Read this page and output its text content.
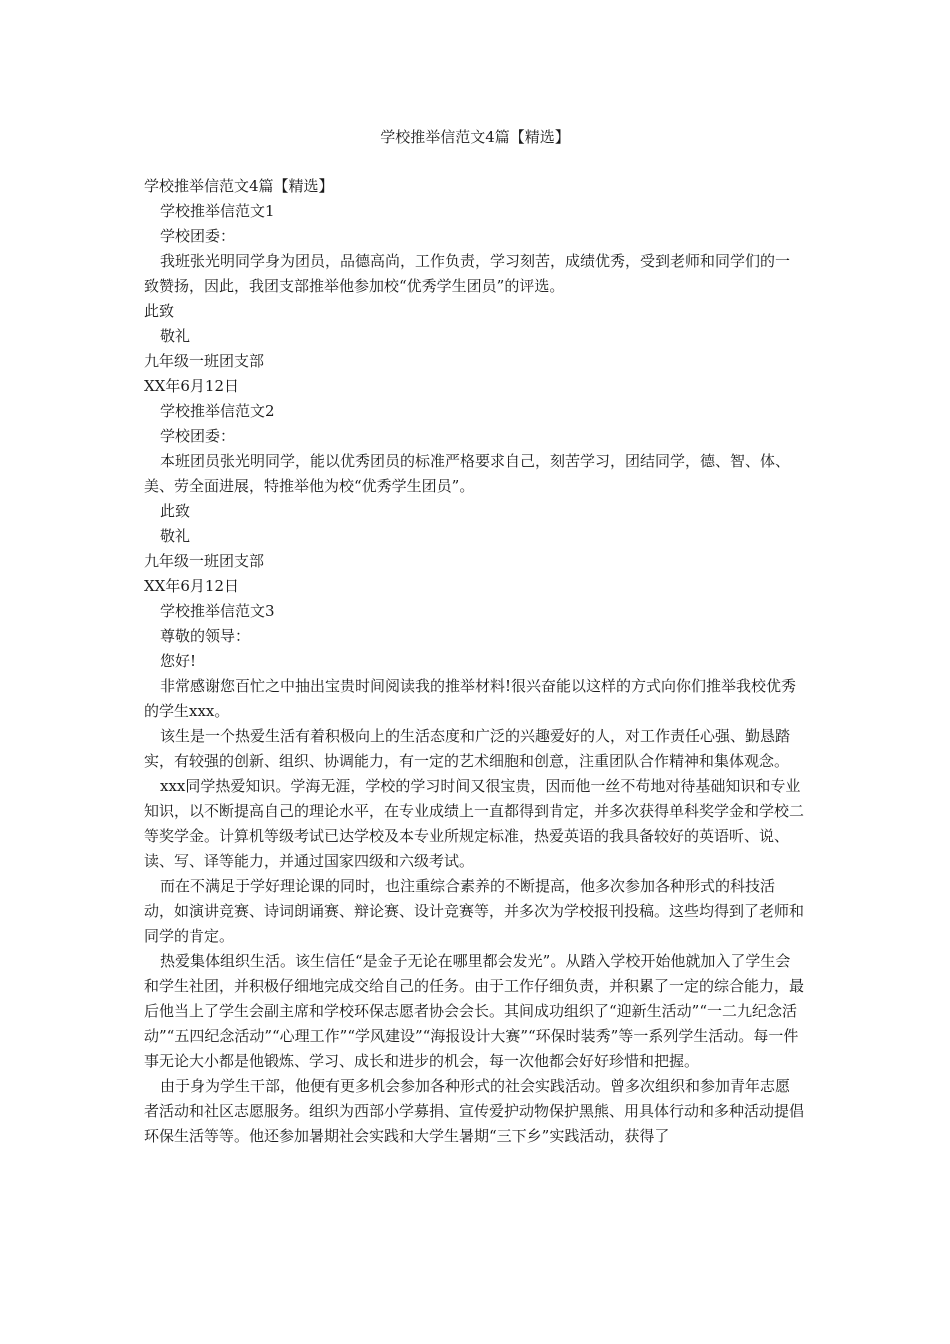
学校推举信范文4篇【精选】

学校推举信范文4篇【精选】

学校推举信范文1

学校团委：

我班张光明同学身为团员，品德高尚，工作负责，学习刻苦，成绩优秀，受到老师和同学们的一致赞扬，因此，我团支部推举他参加校“优秀学生团员”的评选。

此致

敬礼

九年级一班团支部

XX年6月12日

学校推举信范文2

学校团委：

本班团员张光明同学，能以优秀团员的标准严格要求自己，刻苦学习，团结同学，德、智、体、美、劳全面进展，特推举他为校“优秀学生团员”。

此致

敬礼

九年级一班团支部

XX年6月12日

学校推举信范文3

尊敬的领导：

您好!

非常感谢您百忙之中抽出宝贵时间阅读我的推举材料!很兴奋能以这样的方式向你们推举我校优秀的学生xxx。

该生是一个热爱生活有着积极向上的生活态度和广泛的兴趣爱好的人，对工作责任心强、勤恳踏实，有较强的创新、组织、协调能力，有一定的艺术细胞和创意，注重团队合作精神和集体观念。

xxx同学热爱知识。学海无涯，学校的学习时间又很宝贵，因而他一丝不苟地对待基础知识和专业知识，以不断提高自己的理论水平，在专业成绩上一直都得到肯定，并多次获得单科奖学金和学校二等奖学金。计算机等级考试已达学校及本专业所规定标准，热爱英语的我具备较好的英语听、说、读、写、译等能力，并通过国家四级和六级考试。

而在不满足于学好理论课的同时，也注重综合素养的不断提高，他多次参加各种形式的科技活动，如演讲竞赛、诗词朗诵赛、辩论赛、设计竞赛等，并多次为学校报刊投稿。这些均得到了老师和同学的肯定。

热爱集体组织生活。该生信任“是金子无论在哪里都会发光”。从踏入学校开始他就加入了学生会和学生社团，并积极仔细地完成交给自己的任务。由于工作仔细负责，并积累了一定的综合能力，最后他当上了学生会副主席和学校环保志愿者协会会长。其间成功组织了“迎新生活动”“一二九纪念活动”“五四纪念活动”“心理工作”“学风建设”“海报设计大赛”“环保时装秀”等一系列学生活动。每一件事无论大小都是他锻炼、学习、成长和进步的机会，每一次他都会好好珍惜和把握。

由于身为学生干部，他便有更多机会参加各种形式的社会实践活动。曾多次组织和参加青年志愿者活动和社区志愿服务。组织为西部小学募捐、宣传爱护动物保护黑熊、用具体行动和多种活动提倡环保生活等等。他还参加暑期社会实践和大学生暑期“三下乡”实践活动，获得了
